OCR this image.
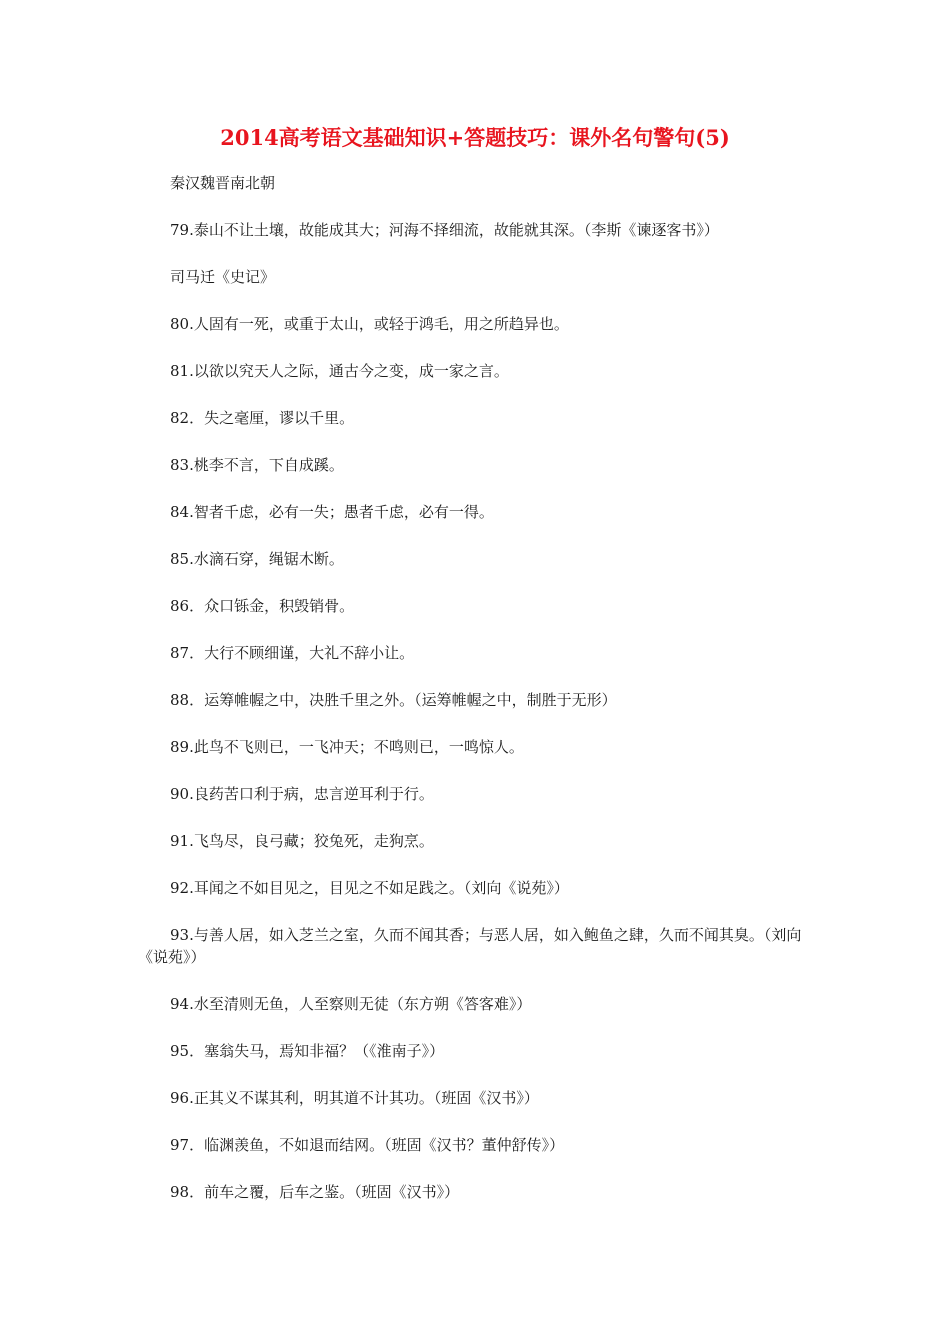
2014高考语文基础知识+答题技巧：课外名句警句(5)

秦汉魏晋南北朝

79.泰山不让土壤，故能成其大；河海不择细流，故能就其深。（李斯《谏逐客书》）

司马迁《史记》

80.人固有一死，或重于太山，或轻于鸿毛，用之所趋异也。

81.以欲以究天人之际，通古今之变，成一家之言。

82．失之毫厘，谬以千里。

83.桃李不言，下自成蹊。

84.智者千虑，必有一失；愚者千虑，必有一得。

85.水滴石穿，绳锯木断。

86．众口铄金，积毁销骨。

87．大行不顾细谨，大礼不辞小让。

88．运筹帷幄之中，决胜千里之外。（运筹帷幄之中，制胜于无形）

89.此鸟不飞则已，一飞冲天；不鸣则已，一鸣惊人。

90.良药苦口利于病，忠言逆耳利于行。

91.飞鸟尽，良弓藏；狡兔死，走狗烹。

92.耳闻之不如目见之，目见之不如足践之。（刘向《说苑》）

93.与善人居，如入芝兰之室，久而不闻其香；与恶人居，如入鲍鱼之肆，久而不闻其臭。（刘向《说苑》）

94.水至清则无鱼，人至察则无徒（东方朔《答客难》）

95．塞翁失马，焉知非福？（《淮南子》）

96.正其义不谋其利，明其道不计其功。（班固《汉书》）

97．临渊羡鱼，不如退而结网。（班固《汉书？董仲舒传》）

98．前车之覆，后车之鉴。（班固《汉书》）
